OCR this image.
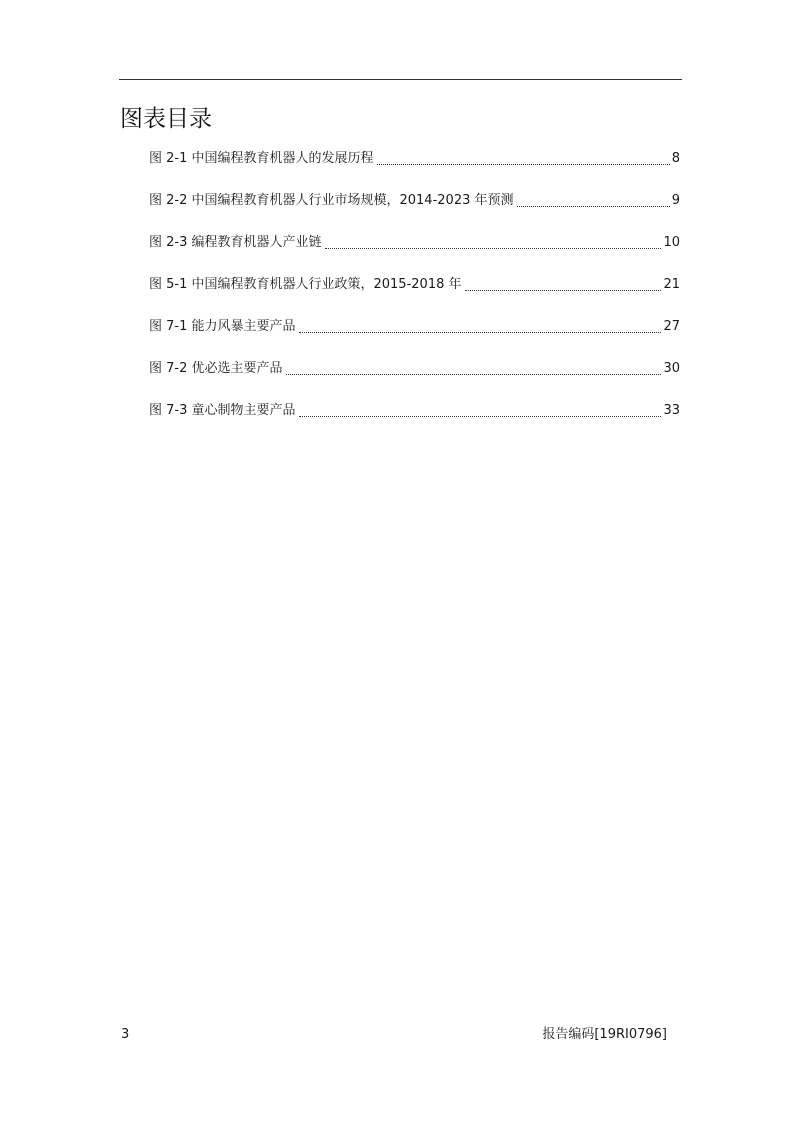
图表目录
图 2-1 中国编程教育机器人的发展历程	8
图 2-2 中国编程教育机器人行业市场规模，2014-2023 年预测	9
图 2-3 编程教育机器人产业链	10
图 5-1 中国编程教育机器人行业政策，2015-2018 年	21
图 7-1 能力风暴主要产品	27
图 7-2 优必选主要产品	30
图 7-3 童心制物主要产品	33
3	报告编码[19RI0796]
